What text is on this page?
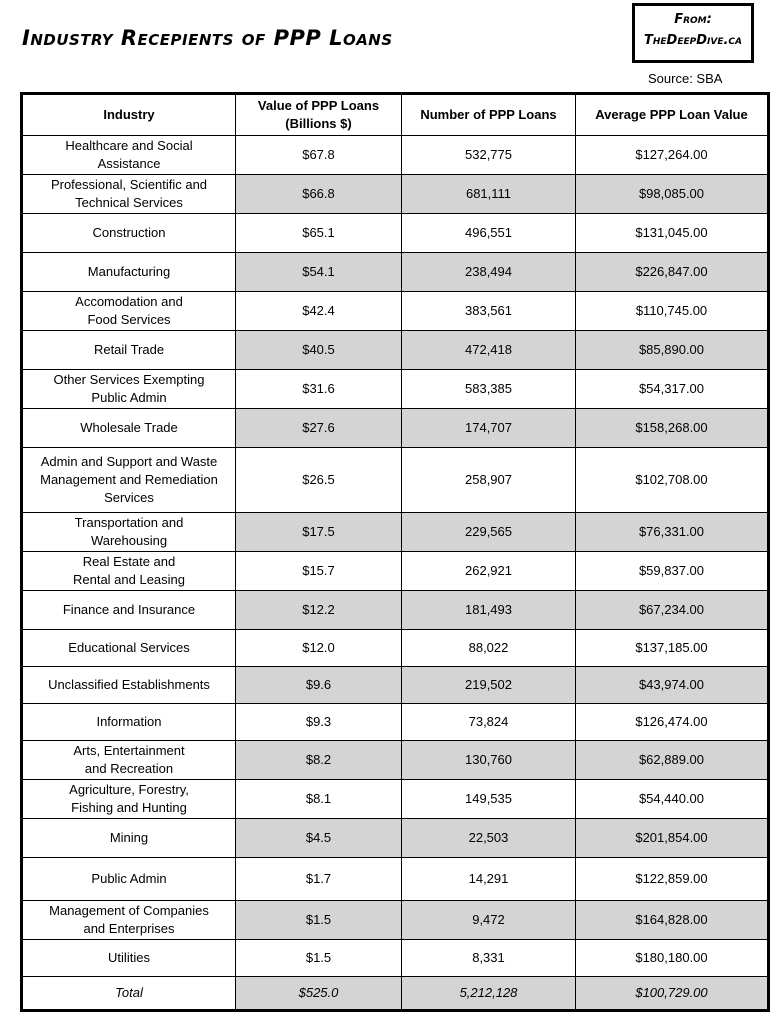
Industry Recepients of PPP Loans
From:
TheDeepDive.ca
Source: SBA
Industry	Value of PPP Loans (Billions $)	Number of PPP Loans	Average PPP Loan Value
Healthcare and Social
Assistance	$67.8	532,775	$127,264.00
Professional, Scientific and
Technical Services	$66.8	681,111	$98,085.00
Construction	$65.1	496,551	$131,045.00
Manufacturing	$54.1	238,494	$226,847.00
Accomodation and
Food Services	$42.4	383,561	$110,745.00
Retail Trade	$40.5	472,418	$85,890.00
Other Services Exempting
Public Admin	$31.6	583,385	$54,317.00
Wholesale Trade	$27.6	174,707	$158,268.00
Admin and Support and Waste
Management and Remediation
Services	$26.5	258,907	$102,708.00
Transportation and
Warehousing	$17.5	229,565	$76,331.00
Real Estate and
Rental and Leasing	$15.7	262,921	$59,837.00
Finance and Insurance	$12.2	181,493	$67,234.00
Educational Services	$12.0	88,022	$137,185.00
Unclassified Establishments	$9.6	219,502	$43,974.00
Information	$9.3	73,824	$126,474.00
Arts, Entertainment
and Recreation	$8.2	130,760	$62,889.00
Agriculture, Forestry,
Fishing and Hunting	$8.1	149,535	$54,440.00
Mining	$4.5	22,503	$201,854.00
Public Admin	$1.7	14,291	$122,859.00
Management of Companies
and Enterprises	$1.5	9,472	$164,828.00
Utilities	$1.5	8,331	$180,180.00
Total	$525.0	5,212,128	$100,729.00
